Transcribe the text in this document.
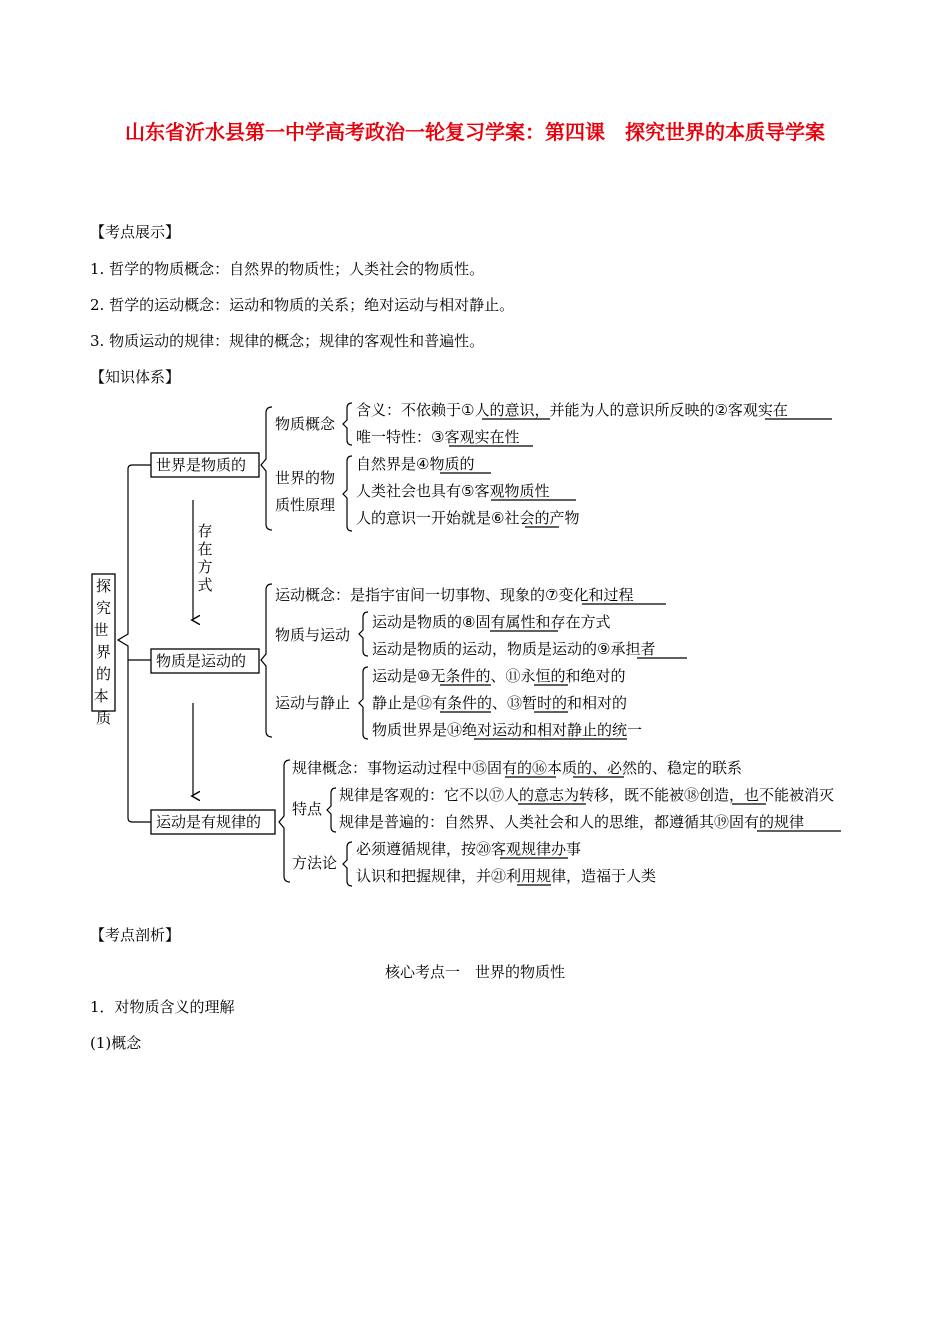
山东省沂水县第一中学高考政治一轮复习学案：第四课　探究世界的本质导学案
【考点展示】
1. 哲学的物质概念：自然界的物质性；人类社会的物质性。
2. 哲学的运动概念：运动和物质的关系；绝对运动与相对静止。
3. 物质运动的规律：规律的概念；规律的客观性和普遍性。
【知识体系】
探究世 界的本 质
世界是物质的
物质是运动的
运动是有规律的
存在方式
物质概念
世界的物
质性原理
含义：不依赖于①人的意识，并能为人的意识所反映的②客观实在
唯一特性：③客观实在性
自然界是④物质的
人类社会也具有⑤客观物质性
人的意识一开始就是⑥社会的产物
运动概念：是指宇宙间一切事物、现象的⑦变化和过程
物质与运动
运动与静止
运动是物质的⑧固有属性和存在方式
运动是物质的运动，物质是运动的⑨承担者
运动是⑩无条件的、⑪永恒的和绝对的
静止是⑫有条件的、⑬暂时的和相对的
物质世界是⑭绝对运动和相对静止的统一
规律概念：事物运动过程中⑮固有的⑯本质的、必然的、稳定的联系
特点
方法论
规律是客观的：它不以⑰人的意志为转移，既不能被⑱创造，也不能被消灭
规律是普遍的：自然界、人类社会和人的思维，都遵循其⑲固有的规律
必须遵循规律，按⑳客观规律办事
认识和把握规律，并㉑利用规律，造福于人类
【考点剖析】
核心考点一　世界的物质性
1．对物质含义的理解
(1)概念
